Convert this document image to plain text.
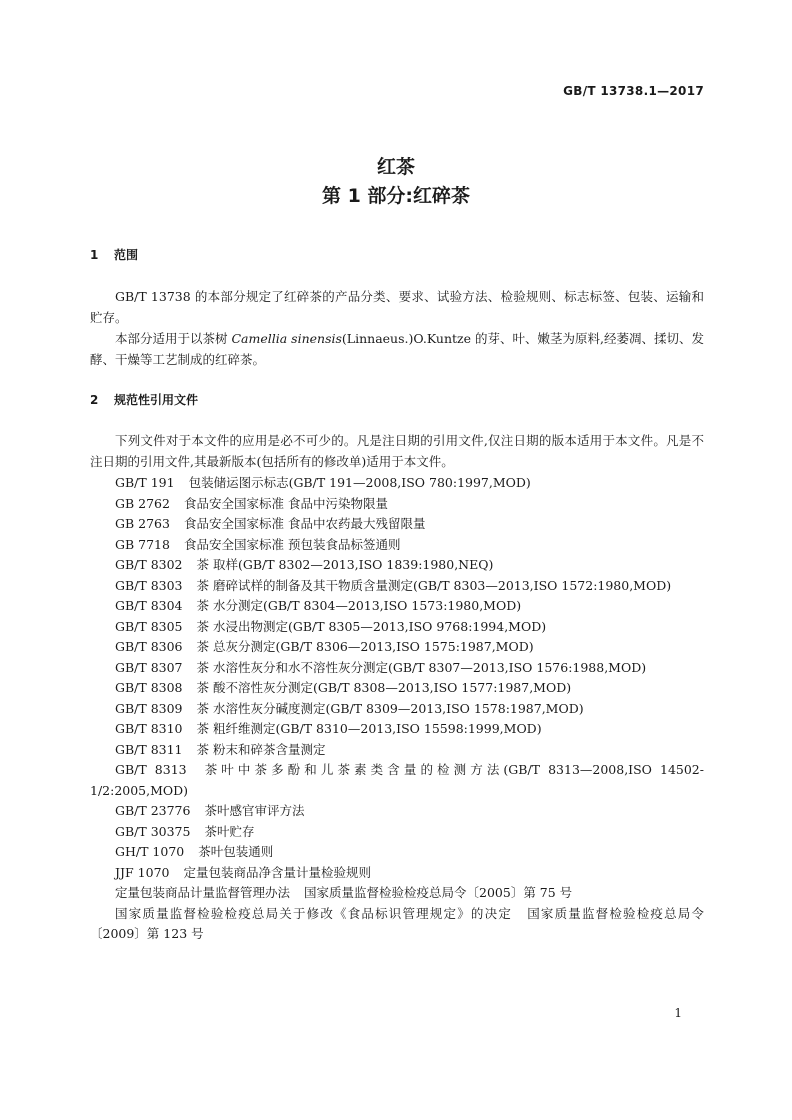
GB/T 13738.1—2017
红茶
第 1 部分:红碎茶
1 范围

GB/T 13738 的本部分规定了红碎茶的产品分类、要求、试验方法、检验规则、标志标签、包装、运输和贮存。

本部分适用于以茶树 Camellia sinensis(Linnaeus.)O.Kuntze 的芽、叶、嫩茎为原料,经萎凋、揉切、发酵、干燥等工艺制成的红碎茶。

2 规范性引用文件

下列文件对于本文件的应用是必不可少的。凡是注日期的引用文件,仅注日期的版本适用于本文件。凡是不注日期的引用文件,其最新版本(包括所有的修改单)适用于本文件。

GB/T 191 包装储运图示标志(GB/T 191—2008,ISO 780:1997,MOD)
GB 2762 食品安全国家标准 食品中污染物限量
GB 2763 食品安全国家标准 食品中农药最大残留限量
GB 7718 食品安全国家标准 预包装食品标签通则
GB/T 8302 茶 取样(GB/T 8302—2013,ISO 1839:1980,NEQ)
GB/T 8303 茶 磨碎试样的制备及其干物质含量测定(GB/T 8303—2013,ISO 1572:1980,MOD)
GB/T 8304 茶 水分测定(GB/T 8304—2013,ISO 1573:1980,MOD)
GB/T 8305 茶 水浸出物测定(GB/T 8305—2013,ISO 9768:1994,MOD)
GB/T 8306 茶 总灰分测定(GB/T 8306—2013,ISO 1575:1987,MOD)
GB/T 8307 茶 水溶性灰分和水不溶性灰分测定(GB/T 8307—2013,ISO 1576:1988,MOD)
GB/T 8308 茶 酸不溶性灰分测定(GB/T 8308—2013,ISO 1577:1987,MOD)
GB/T 8309 茶 水溶性灰分碱度测定(GB/T 8309—2013,ISO 1578:1987,MOD)
GB/T 8310 茶 粗纤维测定(GB/T 8310—2013,ISO 15598:1999,MOD)
GB/T 8311 茶 粉末和碎茶含量测定
GB/T 8313 茶叶中茶多酚和儿茶素类含量的检测方法(GB/T 8313—2008,ISO 14502-1/2:2005,MOD)
GB/T 23776 茶叶感官审评方法
GB/T 30375 茶叶贮存
GH/T 1070 茶叶包装通则
JJF 1070 定量包装商品净含量计量检验规则
定量包装商品计量监督管理办法 国家质量监督检验检疫总局令〔2005〕第 75 号
国家质量监督检验检疫总局关于修改《食品标识管理规定》的决定 国家质量监督检验检疫总局令〔2009〕第 123 号
1
